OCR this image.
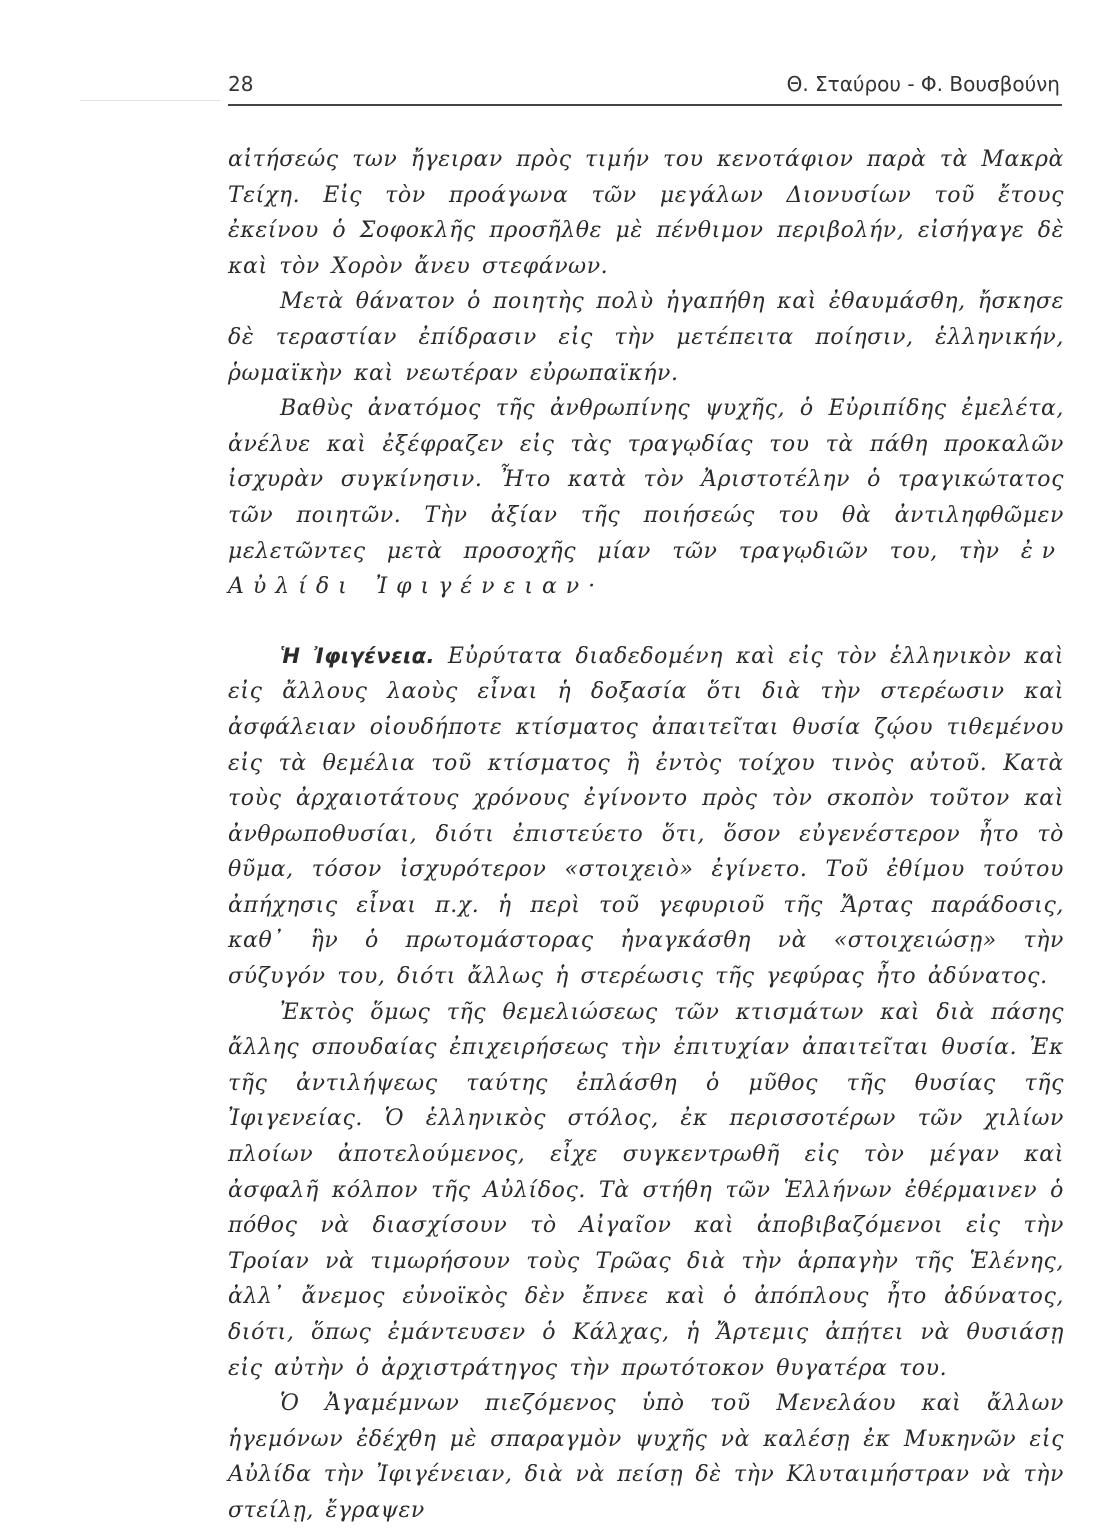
28	Θ. Σταύρου - Φ. Βουσβούνη

αἰτήσεώς των ἤγειραν πρὸς τιμήν του κενοτάφιον παρὰ τὰ Μακρὰ Τείχη. Εἰς τὸν προάγωνα τῶν μεγάλων Διονυσίων τοῦ ἔτους ἐκείνου ὁ Σοφοκλῆς προσῆλθε μὲ πένθιμον περιβολήν, εἰσήγαγε δὲ καὶ τὸν Χορὸν ἄνευ στεφάνων.

Μετὰ θάνατον ὁ ποιητὴς πολὺ ἠγαπήθη καὶ ἐθαυμάσθη, ἤσκησε δὲ τεραστίαν ἐπίδρασιν εἰς τὴν μετέπειτα ποίησιν, ἑλληνικήν, ῥωμαϊκὴν καὶ νεωτέραν εὐρωπαϊκήν.

Βαθὺς ἀνατόμος τῆς ἀνθρωπίνης ψυχῆς, ὁ Εὐριπίδης ἐμελέτα, ἀνέλυε καὶ ἐξέφραζεν εἰς τὰς τραγῳδίας του τὰ πάθη προκαλῶν ἰσχυρὰν συγκίνησιν. Ἦτο κατὰ τὸν Ἀριστοτέλην ὁ τραγικώτατος τῶν ποιητῶν. Τὴν ἀξίαν τῆς ποιήσεώς του θὰ ἀντιληφθῶμεν μελετῶντες μετὰ προσοχῆς μίαν τῶν τραγῳδιῶν του, τὴν ἐν Αὐλίδι Ἰφιγένειαν·

Ἡ Ἰφιγένεια. Εὐρύτατα διαδεδομένη καὶ εἰς τὸν ἑλληνικὸν καὶ εἰς ἄλλους λαοὺς εἶναι ἡ δοξασία ὅτι διὰ τὴν στερέωσιν καὶ ἀσφάλειαν οἱουδήποτε κτίσματος ἀπαιτεῖται θυσία ζῴου τιθεμένου εἰς τὰ θεμέλια τοῦ κτίσματος ἢ ἐντὸς τοίχου τινὸς αὐτοῦ. Κατὰ τοὺς ἀρχαιοτάτους χρόνους ἐγίνοντο πρὸς τὸν σκοπὸν τοῦτον καὶ ἀνθρωποθυσίαι, διότι ἐπιστεύετο ὅτι, ὅσον εὐγενέστερον ἦτο τὸ θῦμα, τόσον ἰσχυρότερον «στοιχειὸ» ἐγίνετο. Τοῦ ἐθίμου τούτου ἀπήχησις εἶναι π.χ. ἡ περὶ τοῦ γεφυριοῦ τῆς Ἄρτας παράδοσις, καθ᾿ ἣν ὁ πρωτομάστορας ἠναγκάσθη νὰ «στοιχειώσῃ» τὴν σύζυγόν του, διότι ἄλλως ἡ στερέωσις τῆς γεφύρας ἦτο ἀδύνατος.

Ἐκτὸς ὅμως τῆς θεμελιώσεως τῶν κτισμάτων καὶ διὰ πάσης ἄλλης σπουδαίας ἐπιχειρήσεως τὴν ἐπιτυχίαν ἀπαιτεῖται θυσία. Ἐκ τῆς ἀντιλήψεως ταύτης ἐπλάσθη ὁ μῦθος τῆς θυσίας τῆς Ἰφιγενείας. Ὁ ἑλληνικὸς στόλος, ἐκ περισσοτέρων τῶν χιλίων πλοίων ἀποτελούμενος, εἶχε συγκεντρωθῆ εἰς τὸν μέγαν καὶ ἀσφαλῆ κόλπον τῆς Αὐλίδος. Τὰ στήθη τῶν Ἑλλήνων ἐθέρμαινεν ὁ πόθος νὰ διασχίσουν τὸ Αἰγαῖον καὶ ἀποβιβαζόμενοι εἰς τὴν Τροίαν νὰ τιμωρήσουν τοὺς Τρῶας διὰ τὴν ἁρπαγὴν τῆς Ἑλένης, ἀλλ᾿ ἄνεμος εὐνοϊκὸς δὲν ἔπνεε καὶ ὁ ἀπόπλους ἦτο ἀδύνατος, διότι, ὅπως ἐμάντευσεν ὁ Κάλχας, ἡ Ἄρτεμις ἀπῄτει νὰ θυσιάσῃ εἰς αὐτὴν ὁ ἀρχιστράτηγος τὴν πρωτότοκον θυγατέρα του.

Ὁ Ἀγαμέμνων πιεζόμενος ὑπὸ τοῦ Μενελάου καὶ ἄλλων ἡγεμόνων ἐδέχθη μὲ σπαραγμὸν ψυχῆς νὰ καλέσῃ ἐκ Μυκηνῶν εἰς Αὐλίδα τὴν Ἰφιγένειαν, διὰ νὰ πείσῃ δὲ τὴν Κλυταιμήστραν νὰ τὴν στείλῃ, ἔγραψεν
